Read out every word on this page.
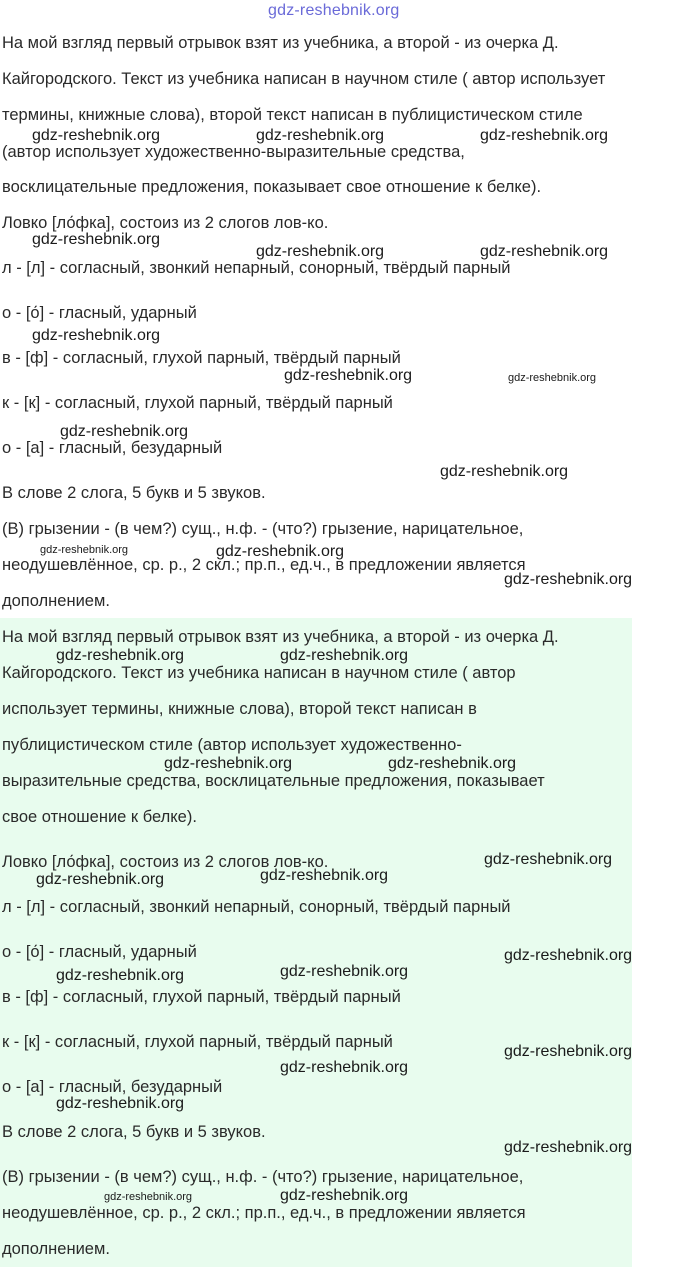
gdz-reshebnik.org
На мой взгляд первый отрывок взят из учебника, а второй - из очерка Д.
Кайгородского. Текст из учебника написан в научном стиле ( автор использует
термины, книжные слова), второй текст написан в публицистическом стиле
(автор использует художественно-выразительные средства,
восклицательные предложения, показывает свое отношение к белке).
Ловко [ло́фка], состоиз из 2 слогов лов-ко.
л - [л] - согласный, звонкий непарный, сонорный, твёрдый парный
о - [о́] - гласный, ударный
в - [ф] - согласный, глухой парный, твёрдый парный
к - [к] - согласный, глухой парный, твёрдый парный
о - [а] - гласный, безударный
В слове 2 слога, 5 букв и 5 звуков.
(В) грызении - (в чем?) сущ., н.ф. - (что?) грызение, нарицательное,
неодушевлённое, ср. р., 2 скл.; пр.п., ед.ч., в предложении является
дополнением.
На мой взгляд первый отрывок взят из учебника, а второй - из очерка Д.
Кайгородского. Текст из учебника написан в научном стиле ( автор
использует термины, книжные слова), второй текст написан в
публицистическом стиле (автор использует художественно-
выразительные средства, восклицательные предложения, показывает
свое отношение к белке).
Ловко [ло́фка], состоиз из 2 слогов лов-ко.
л - [л] - согласный, звонкий непарный, сонорный, твёрдый парный
о - [о́] - гласный, ударный
в - [ф] - согласный, глухой парный, твёрдый парный
к - [к] - согласный, глухой парный, твёрдый парный
о - [а] - гласный, безударный
В слове 2 слога, 5 букв и 5 звуков.
(В) грызении - (в чем?) сущ., н.ф. - (что?) грызение, нарицательное,
неодушевлённое, ср. р., 2 скл.; пр.п., ед.ч., в предложении является
дополнением.
gdz-reshebnik.org	gdz-reshebnik.org	gdz-reshebnik.org
gdz-reshebnik.org
gdz-reshebnik.org	gdz-reshebnik.org
gdz-reshebnik.org
gdz-reshebnik.org	gdz-reshebnik.org
gdz-reshebnik.org
gdz-reshebnik.org
gdz-reshebnik.org	gdz-reshebnik.org
gdz-reshebnik.org
gdz-reshebnik.org	gdz-reshebnik.org
gdz-reshebnik.org	gdz-reshebnik.org
gdz-reshebnik.org
gdz-reshebnik.org	gdz-reshebnik.org
gdz-reshebnik.org
gdz-reshebnik.org	gdz-reshebnik.org
gdz-reshebnik.org
gdz-reshebnik.org
gdz-reshebnik.org
gdz-reshebnik.org
gdz-reshebnik.org	gdz-reshebnik.org
